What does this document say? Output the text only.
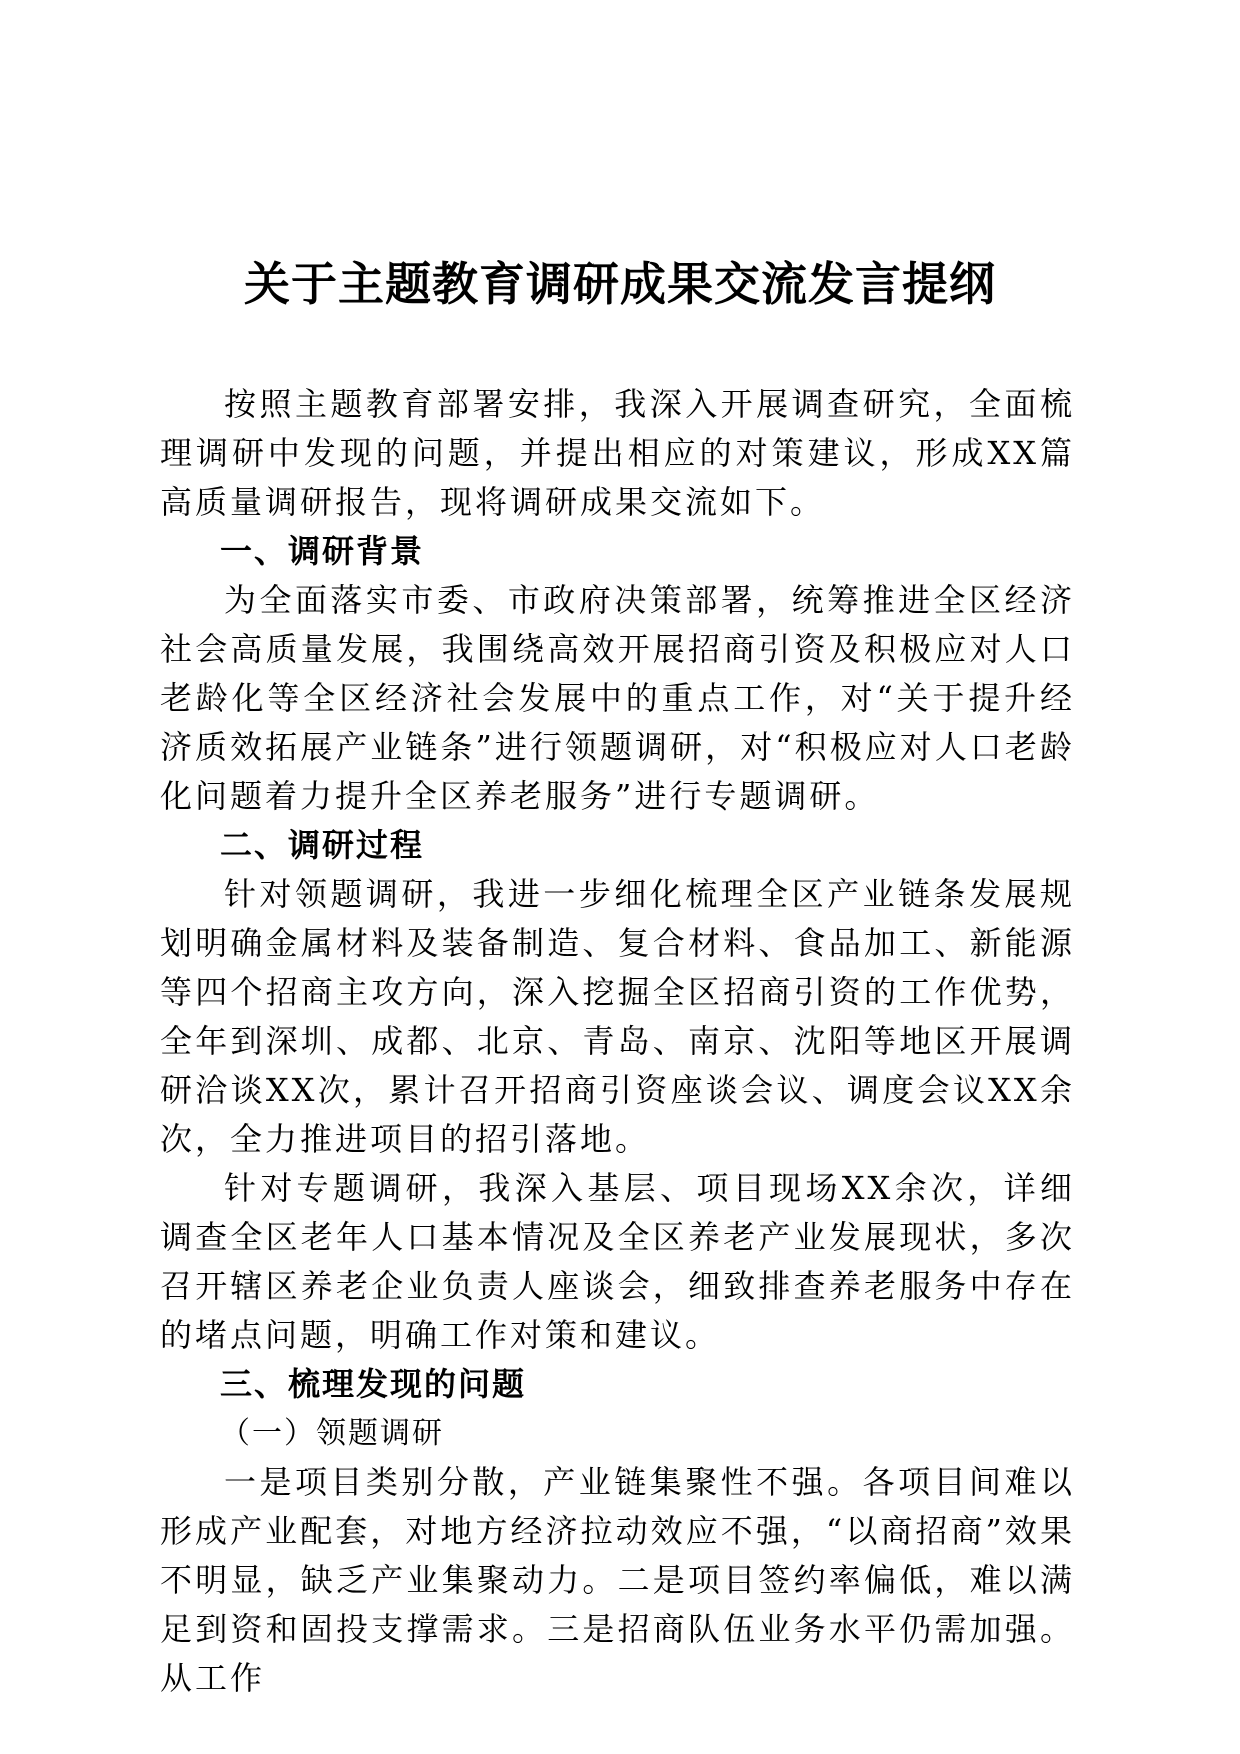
关于主题教育调研成果交流发言提纲

按照主题教育部署安排，我深入开展调查研究，全面梳理调研中发现的问题，并提出相应的对策建议，形成XX篇高质量调研报告，现将调研成果交流如下。

一、调研背景

为全面落实市委、市政府决策部署，统筹推进全区经济社会高质量发展，我围绕高效开展招商引资及积极应对人口老龄化等全区经济社会发展中的重点工作，对“关于提升经济质效拓展产业链条”进行领题调研，对“积极应对人口老龄化问题着力提升全区养老服务”进行专题调研。

二、调研过程

针对领题调研，我进一步细化梳理全区产业链条发展规划明确金属材料及装备制造、复合材料、食品加工、新能源等四个招商主攻方向，深入挖掘全区招商引资的工作优势，全年到深圳、成都、北京、青岛、南京、沈阳等地区开展调研洽谈XX次，累计召开招商引资座谈会议、调度会议XX余次，全力推进项目的招引落地。

针对专题调研，我深入基层、项目现场XX余次，详细调查全区老年人口基本情况及全区养老产业发展现状，多次召开辖区养老企业负责人座谈会，细致排查养老服务中存在的堵点问题，明确工作对策和建议。

三、梳理发现的问题
（一）领题调研

一是项目类别分散，产业链集聚性不强。各项目间难以形成产业配套，对地方经济拉动效应不强，“以商招商”效果不明显，缺乏产业集聚动力。二是项目签约率偏低，难以满足到资和固投支撑需求。三是招商队伍业务水平仍需加强。从工作
